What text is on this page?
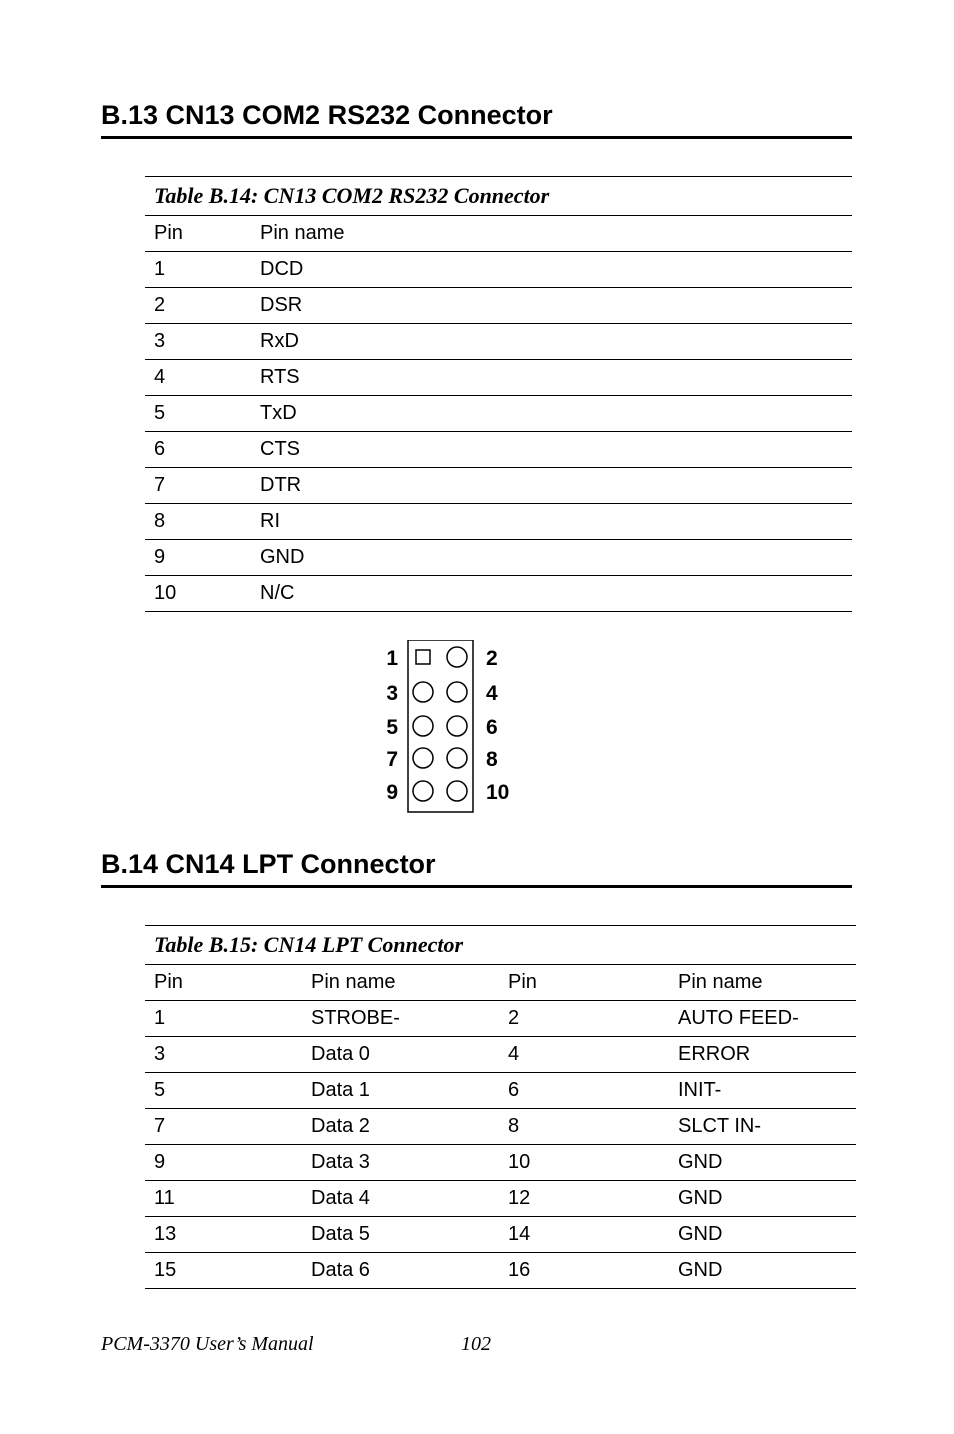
B.13 CN13 COM2 RS232 Connector
Table B.14: CN13 COM2 RS232 Connector	
Pin	Pin name
1	DCD
2	DSR
3	RxD
4	RTS
5	TxD
6	CTS
7	DTR
8	RI
9	GND
10	N/C
1
3
5
7
9
2
4
6
8
10
B.14 CN14 LPT Connector
Table B.15: CN14 LPT Connector			
Pin	Pin name	Pin	Pin name
1	STROBE-	2	AUTO FEED-
3	Data 0	4	ERROR
5	Data 1	6	INIT-
7	Data 2	8	SLCT IN-
9	Data 3	10	GND
11	Data 4	12	GND
13	Data 5	14	GND
15	Data 6	16	GND
PCM-3370 User’s Manual	102
